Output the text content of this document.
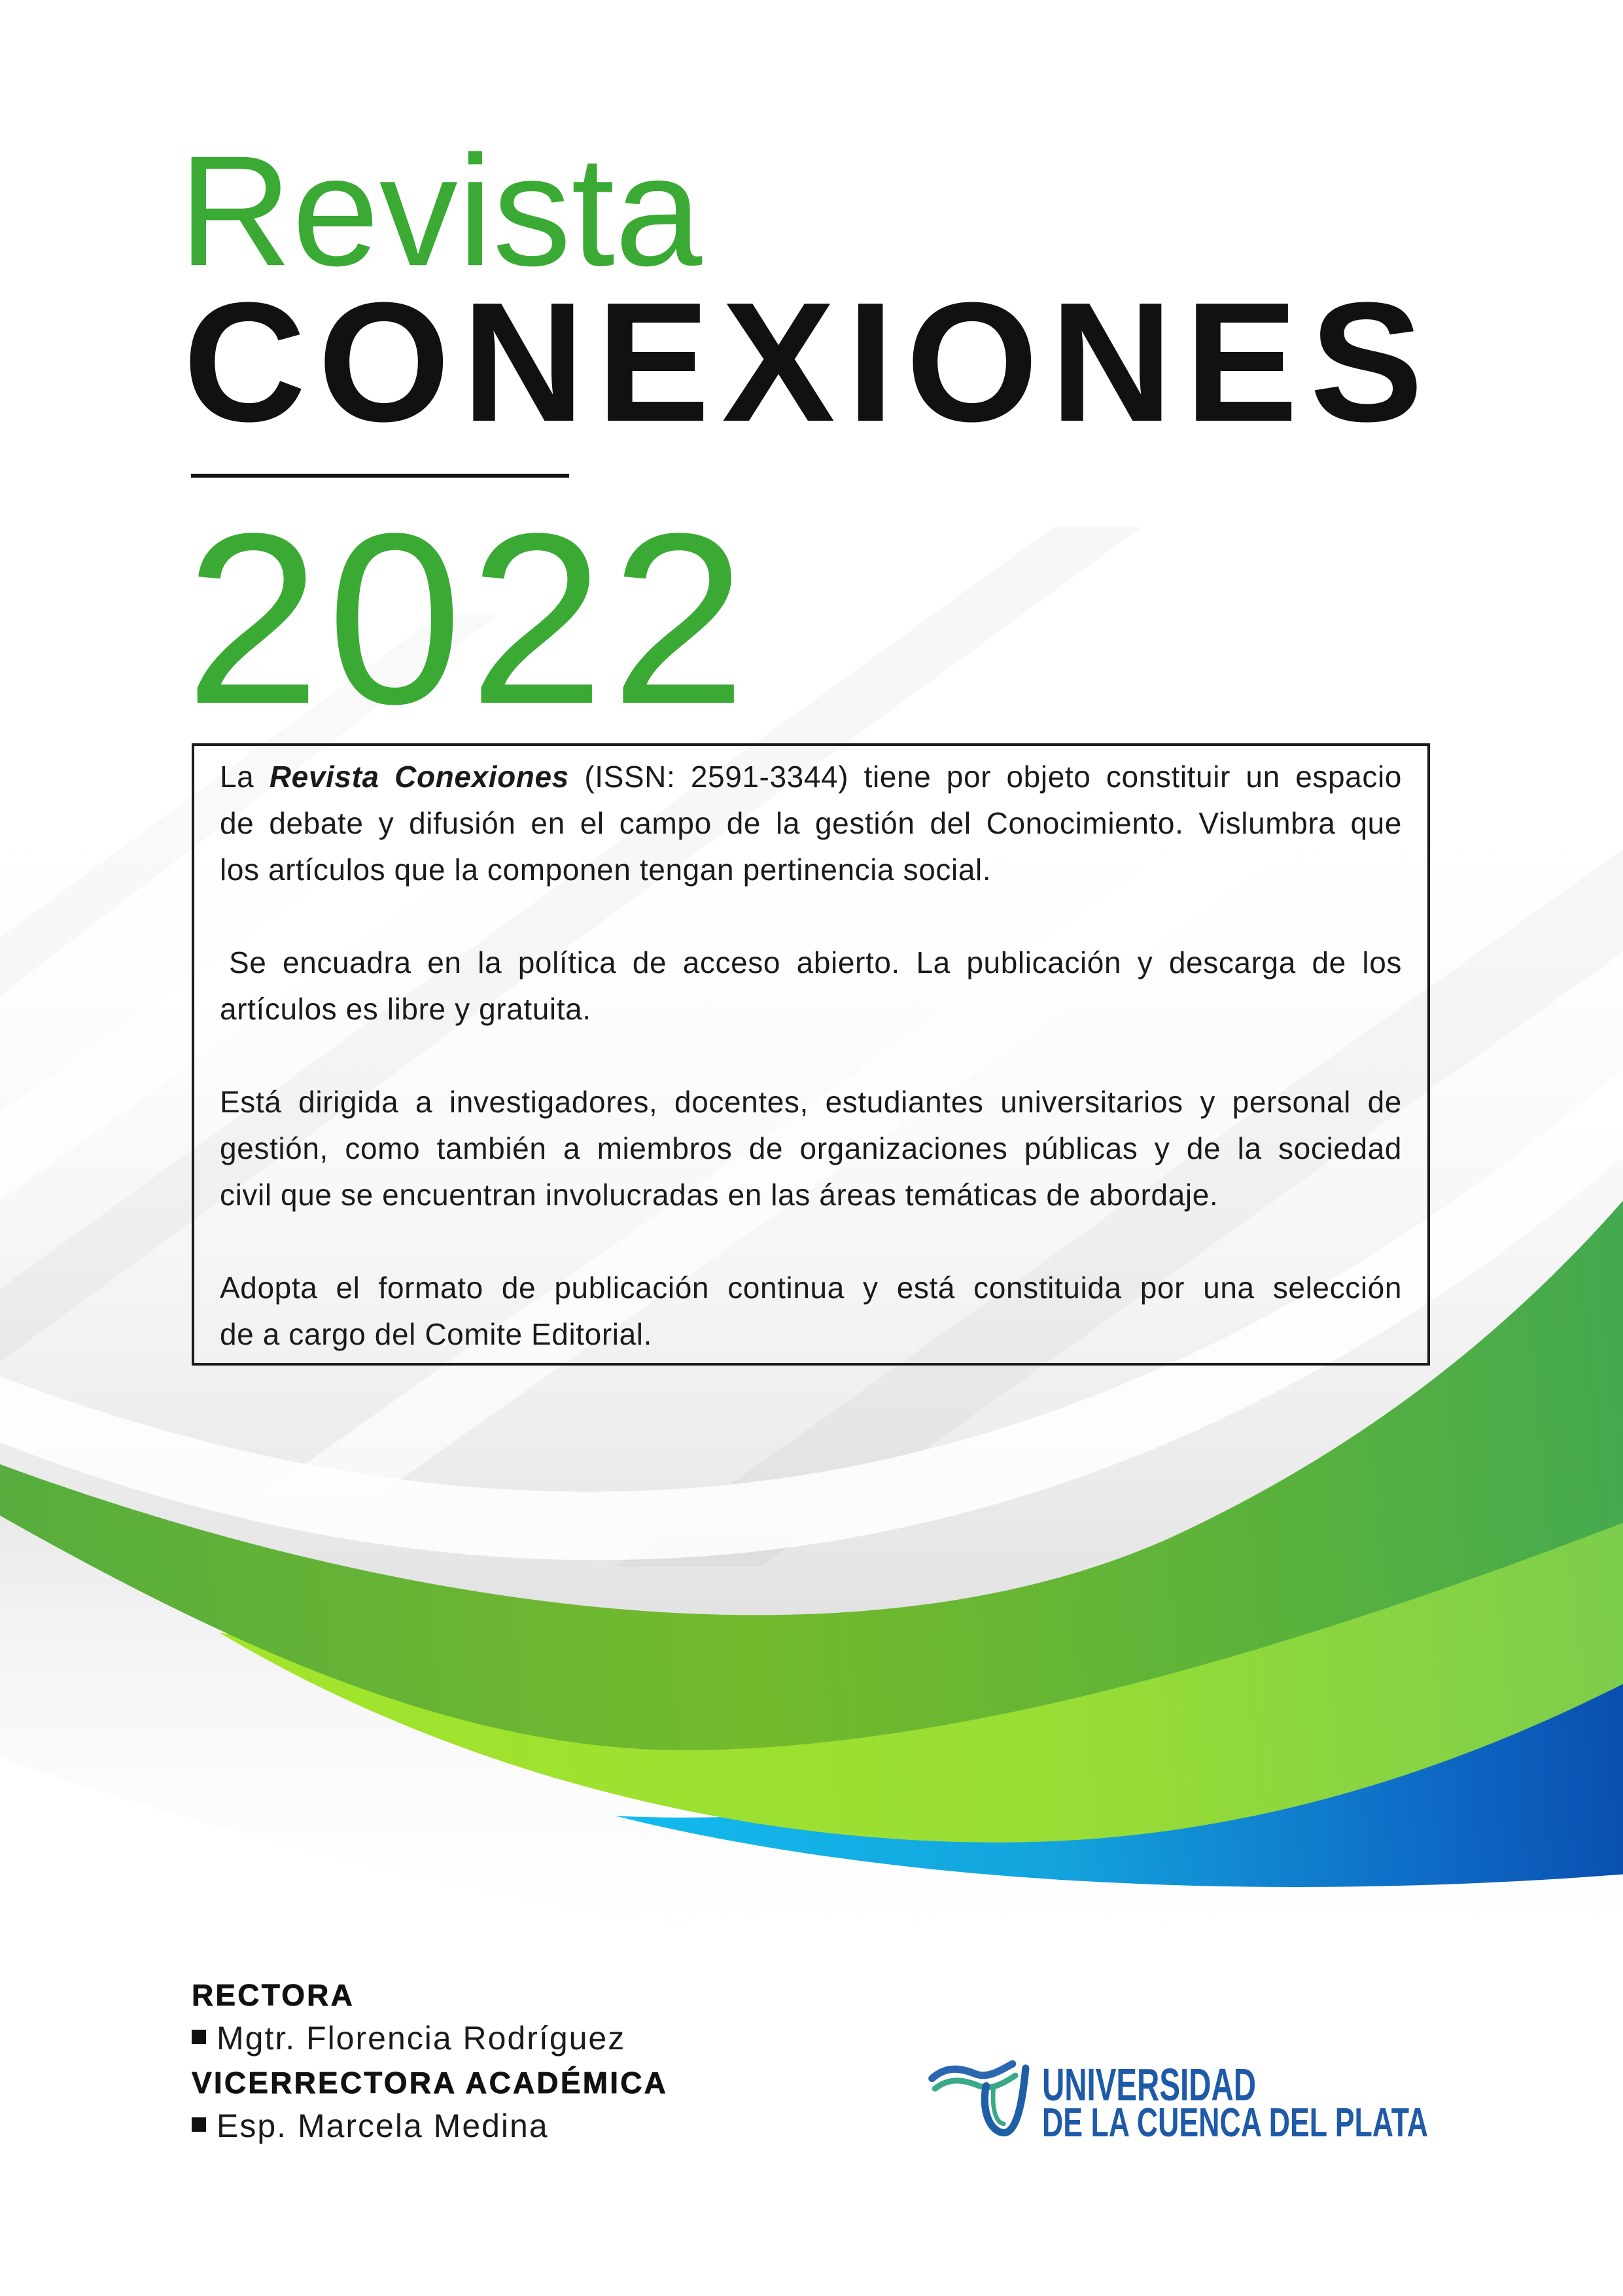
Revista
CONEXIONES
2022
La Revista Conexiones (ISSN: 2591-3344) tiene por objeto constituir un espacio
de debate y difusión en el campo de la gestión del Conocimiento. Vislumbra que
los artículos que la componen tengan pertinencia social.
Se encuadra en la política de acceso abierto. La publicación y descarga de los
artículos es libre y gratuita.
Está dirigida a investigadores, docentes, estudiantes universitarios y personal de
gestión, como también a miembros de organizaciones públicas y de la sociedad
civil que se encuentran involucradas en las áreas temáticas de abordaje.
Adopta el formato de publicación continua y está constituida por una selección
de a cargo del Comite Editorial.
RECTORA
Mgtr. Florencia Rodríguez
VICERRECTORA ACADÉMICA
Esp. Marcela Medina
UNIVERSIDAD
DE LA CUENCA DEL PLATA
